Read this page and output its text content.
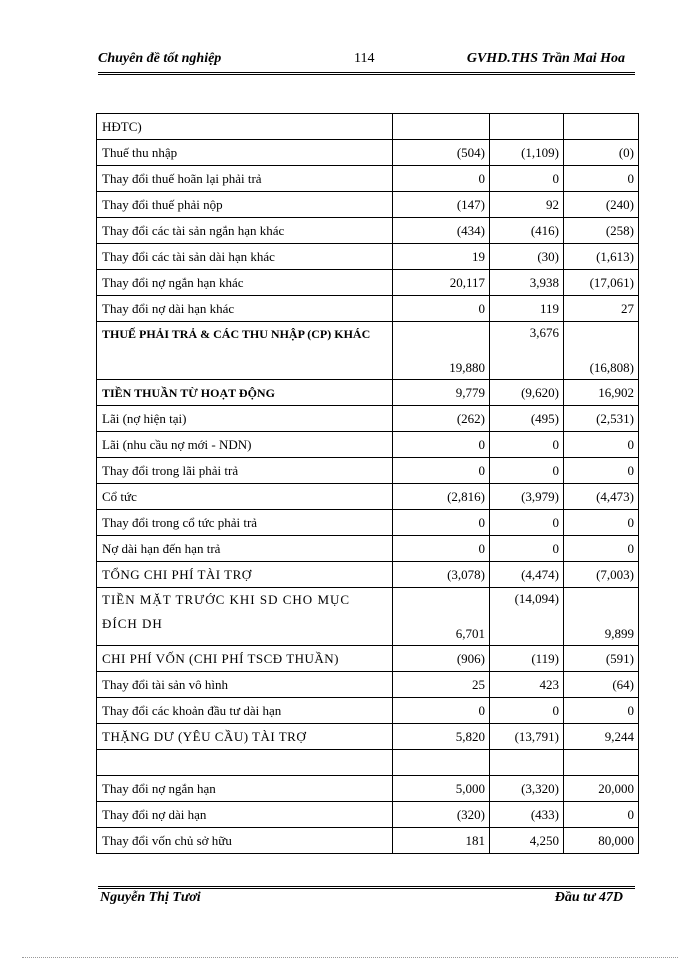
Chuyên đề tốt nghiệp	114	GVHD.THS Trần Mai Hoa
HĐTC)			
Thuế thu nhập	(504)	(1,109)	(0)
Thay đổi thuế hoãn lại phải trả	0	0	0
Thay đổi thuế phải nộp	(147)	92	(240)
Thay đổi các tài sản ngắn hạn khác	(434)	(416)	(258)
Thay đổi các tài sản dài hạn khác	19	(30)	(1,613)
Thay đổi nợ ngắn hạn khác	20,117	3,938	(17,061)
Thay đổi nợ dài hạn khác	0	119	27
THUẾ PHẢI TRẢ & CÁC THU NHẬP (CP) KHÁC	19,880	3,676	(16,808)
TIỀN THUẦN TỪ HOẠT ĐỘNG	9,779	(9,620)	16,902
Lãi (nợ hiện tại)	(262)	(495)	(2,531)
Lãi (nhu cầu nợ mới - NDN)	0	0	0
Thay đổi trong lãi phải trả	0	0	0
Cổ tức	(2,816)	(3,979)	(4,473)
Thay đổi trong cổ tức phải trả	0	0	0
Nợ dài hạn đến hạn trả	0	0	0
TỔNG CHI PHÍ TÀI TRỢ	(3,078)	(4,474)	(7,003)
TIỀN MẶT TRƯỚC KHI SD CHO MỤC ĐÍCH DH	6,701	(14,094)	9,899
CHI PHÍ VỐN (CHI PHÍ TSCĐ THUẦN)	(906)	(119)	(591)
Thay đổi tài sản vô hình	25	423	(64)
Thay đổi các khoản đầu tư dài hạn	0	0	0
THẶNG DƯ (YÊU CẦU) TÀI TRỢ	5,820	(13,791)	9,244

Thay đổi nợ ngắn hạn	5,000	(3,320)	20,000
Thay đổi nợ dài hạn	(320)	(433)	0
Thay đổi vốn chủ sở hữu	181	4,250	80,000
Nguyễn Thị Tươi	Đầu tư 47D
